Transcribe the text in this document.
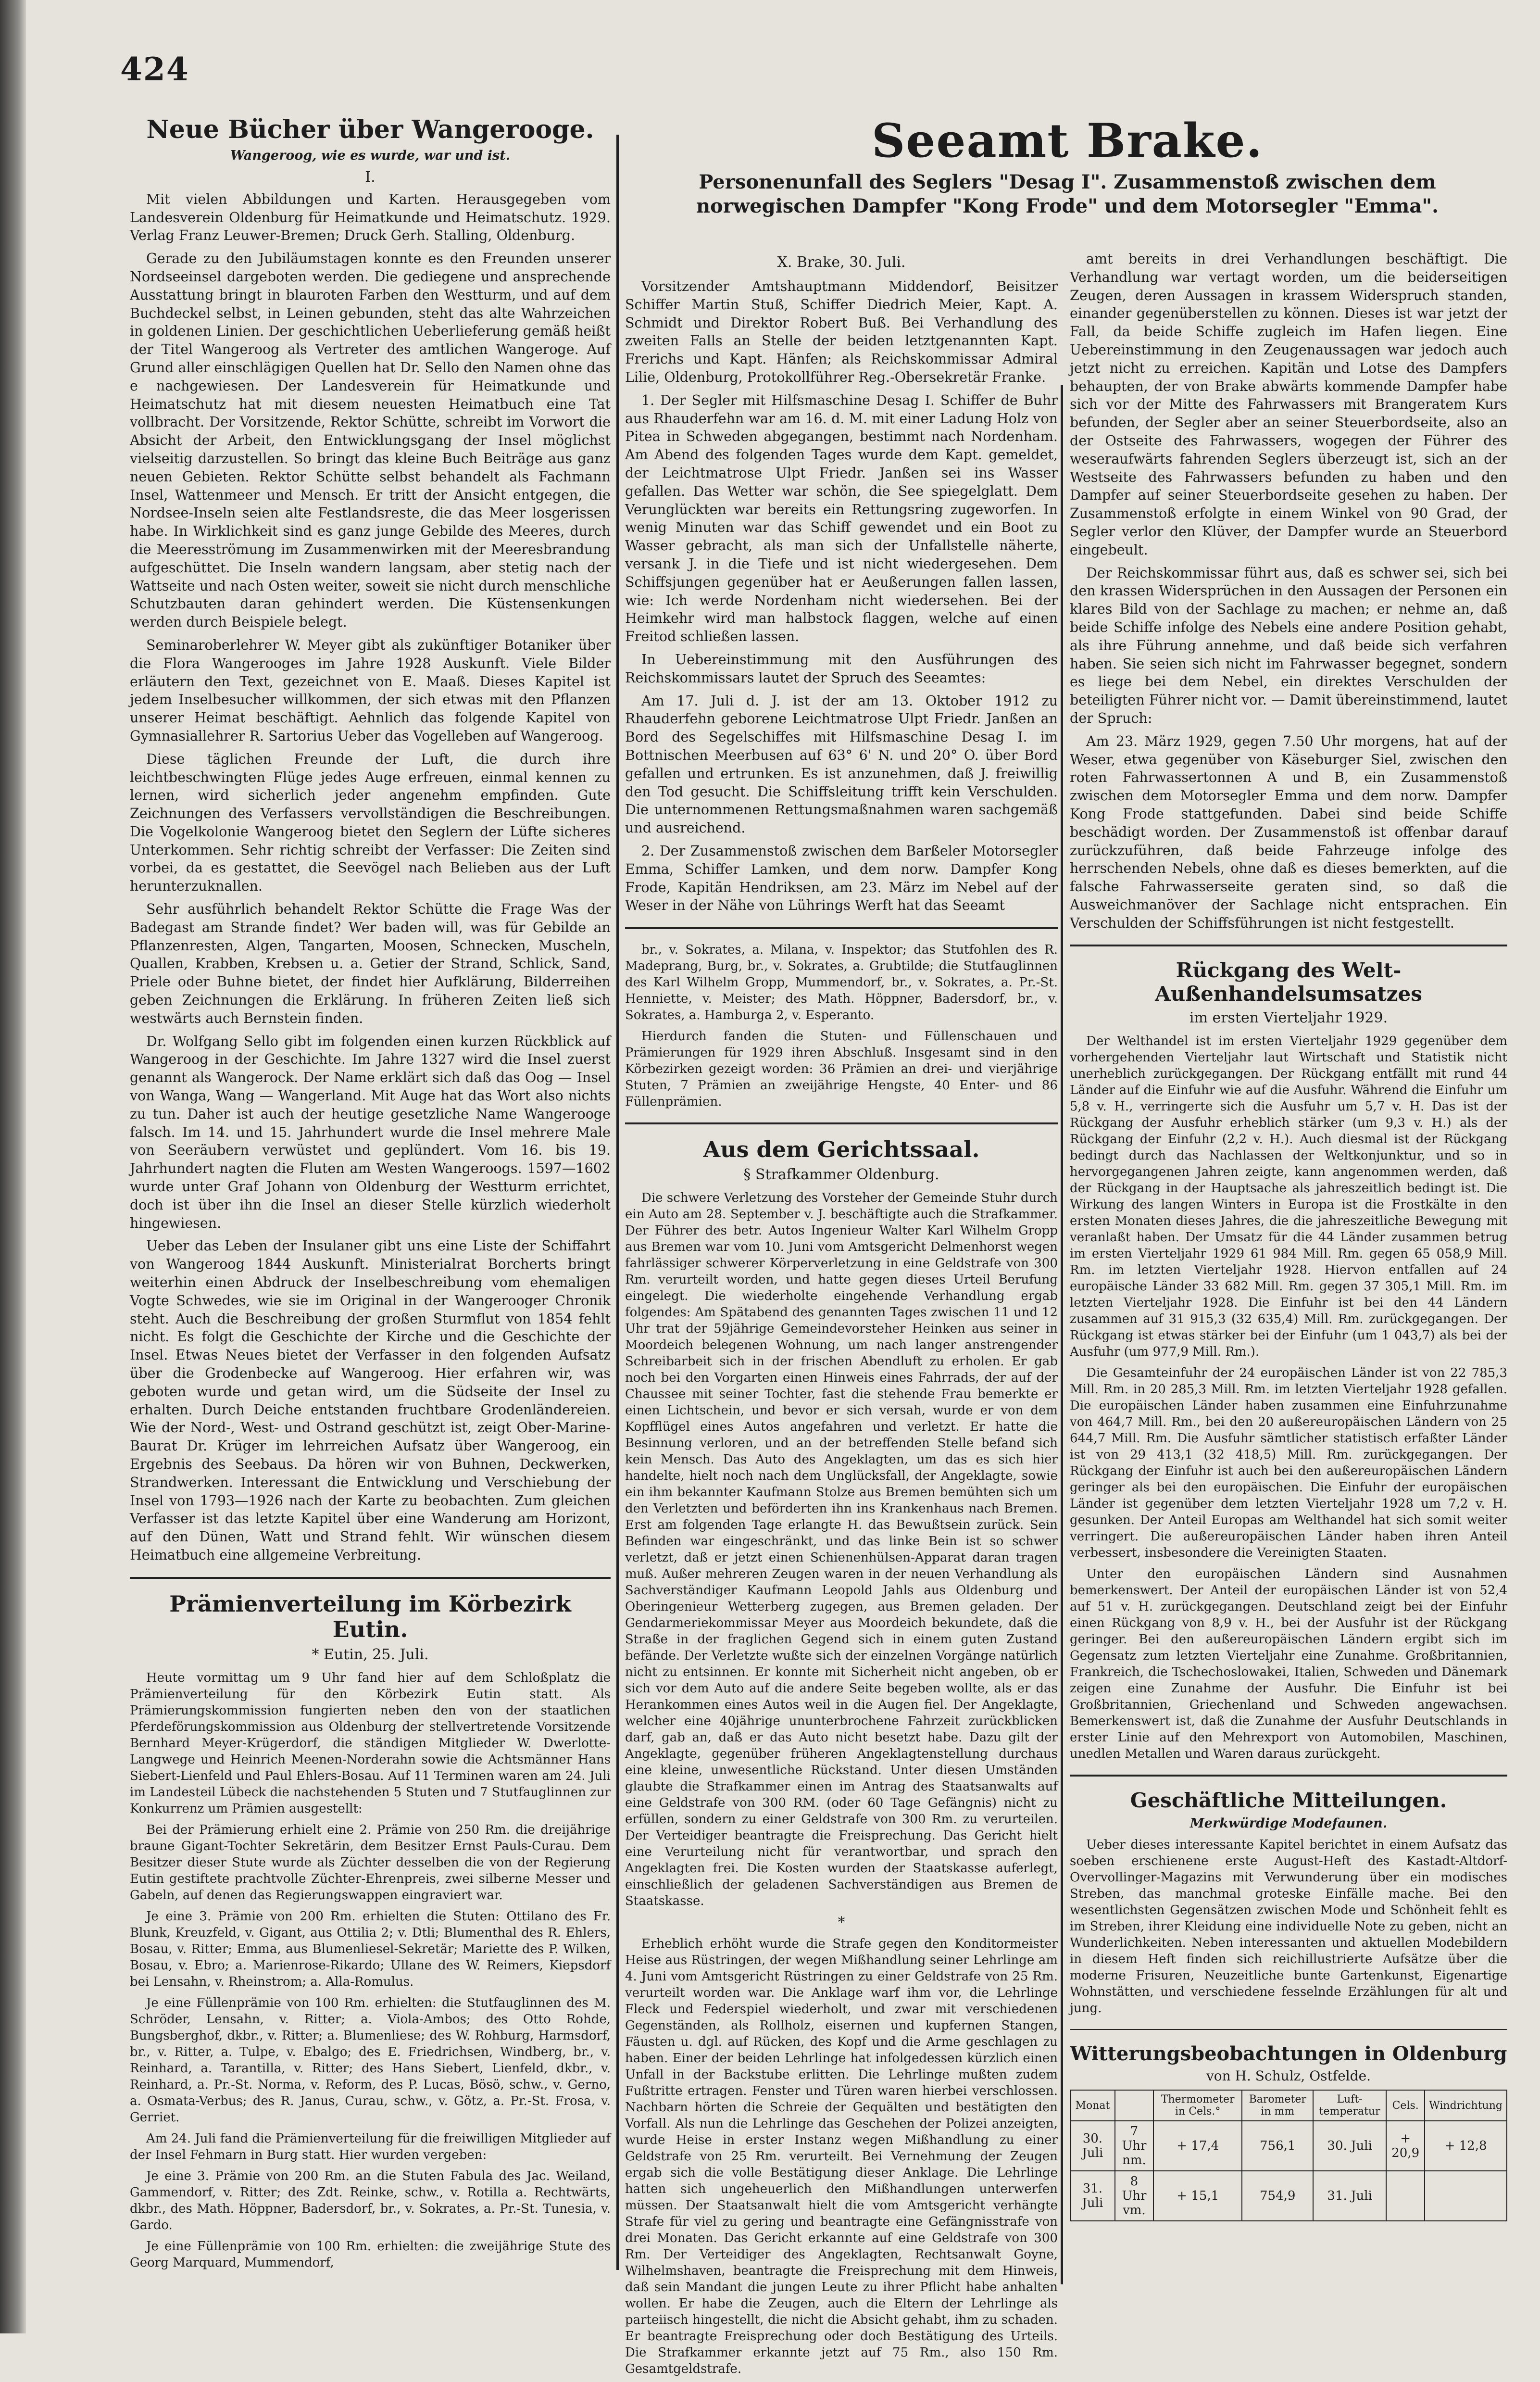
424
Neue Bücher über Wangerooge.
Wangeroog, wie es wurde, war und ist.
I.

Mit vielen Abbildungen und Karten. Herausgegeben vom Landesverein Oldenburg für Heimatkunde und Heimatschutz. 1929. Verlag Franz Leuwer-Bremen; Druck Gerh. Stalling, Oldenburg.

Gerade zu den Jubiläumstagen konnte es den Freunden unserer Nordseeinsel dargeboten werden. Die gediegene und ansprechende Ausstattung bringt in blauroten Farben den Westturm, und auf dem Buchdeckel selbst, in Leinen gebunden, steht das alte Wahrzeichen in goldenen Linien. Der geschichtlichen Ueberlieferung gemäß heißt der Titel Wangeroog als Vertreter des amtlichen Wangeroge. Auf Grund aller einschlägigen Quellen hat Dr. Sello den Namen ohne das e nachgewiesen. Der Landesverein für Heimatkunde und Heimatschutz hat mit diesem neuesten Heimatbuch eine Tat vollbracht. Der Vorsitzende, Rektor Schütte, schreibt im Vorwort die Absicht der Arbeit, den Entwicklungsgang der Insel möglichst vielseitig darzustellen. So bringt das kleine Buch Beiträge aus ganz neuen Gebieten. Rektor Schütte selbst behandelt als Fachmann Insel, Wattenmeer und Mensch. Er tritt der Ansicht entgegen, die Nordsee-Inseln seien alte Festlandsreste, die das Meer losgerissen habe. In Wirklichkeit sind es ganz junge Gebilde des Meeres, durch die Meeresströmung im Zusammenwirken mit der Meeresbrandung aufgeschüttet. Die Inseln wandern langsam, aber stetig nach der Wattseite und nach Osten weiter, soweit sie nicht durch menschliche Schutzbauten daran gehindert werden. Die Küstensenkungen werden durch Beispiele belegt.

Seminaroberlehrer W. Meyer gibt als zukünftiger Botaniker über die Flora Wangerooges im Jahre 1928 Auskunft. Viele Bilder erläutern den Text, gezeichnet von E. Maaß. Dieses Kapitel ist jedem Inselbesucher willkommen, der sich etwas mit den Pflanzen unserer Heimat beschäftigt. Aehnlich das folgende Kapitel von Gymnasiallehrer R. Sartorius Ueber das Vogelleben auf Wangeroog.

Diese täglichen Freunde der Luft, die durch ihre leichtbeschwingten Flüge jedes Auge erfreuen, einmal kennen zu lernen, wird sicherlich jeder angenehm empfinden. Gute Zeichnungen des Verfassers vervollständigen die Beschreibungen. Die Vogelkolonie Wangeroog bietet den Seglern der Lüfte sicheres Unterkommen. Sehr richtig schreibt der Verfasser: Die Zeiten sind vorbei, da es gestattet, die Seevögel nach Belieben aus der Luft herunterzuknallen.

Sehr ausführlich behandelt Rektor Schütte die Frage Was der Badegast am Strande findet? Wer baden will, was für Gebilde an Pflanzenresten, Algen, Tangarten, Moosen, Schnecken, Muscheln, Quallen, Krabben, Krebsen u. a. Getier der Strand, Schlick, Sand, Priele oder Buhne bietet, der findet hier Aufklärung, Bilderreihen geben Zeichnungen die Erklärung. In früheren Zeiten ließ sich westwärts auch Bernstein finden.

Dr. Wolfgang Sello gibt im folgenden einen kurzen Rückblick auf Wangeroog in der Geschichte. Im Jahre 1327 wird die Insel zuerst genannt als Wangerock. Der Name erklärt sich daß das Oog — Insel von Wanga, Wang — Wangerland. Mit Auge hat das Wort also nichts zu tun. Daher ist auch der heutige gesetzliche Name Wangerooge falsch. Im 14. und 15. Jahrhundert wurde die Insel mehrere Male von Seeräubern verwüstet und geplündert. Vom 16. bis 19. Jahrhundert nagten die Fluten am Westen Wangeroogs. 1597—1602 wurde unter Graf Johann von Oldenburg der Westturm errichtet, doch ist über ihn die Insel an dieser Stelle kürzlich wiederholt hingewiesen.

Ueber das Leben der Insulaner gibt uns eine Liste der Schiffahrt von Wangeroog 1844 Auskunft. Ministerialrat Borcherts bringt weiterhin einen Abdruck der Inselbeschreibung vom ehemaligen Vogte Schwedes, wie sie im Original in der Wangerooger Chronik steht. Auch die Beschreibung der großen Sturmflut von 1854 fehlt nicht. Es folgt die Geschichte der Kirche und die Geschichte der Insel. Etwas Neues bietet der Verfasser in den folgenden Aufsatz über die Grodenbecke auf Wangeroog. Hier erfahren wir, was geboten wurde und getan wird, um die Südseite der Insel zu erhalten. Durch Deiche entstanden fruchtbare Grodenländereien. Wie der Nord-, West- und Ostrand geschützt ist, zeigt Ober-Marine-Baurat Dr. Krüger im lehrreichen Aufsatz über Wangeroog, ein Ergebnis des Seebaus. Da hören wir von Buhnen, Deckwerken, Strandwerken. Interessant die Entwicklung und Verschiebung der Insel von 1793—1926 nach der Karte zu beobachten. Zum gleichen Verfasser ist das letzte Kapitel über eine Wanderung am Horizont, auf den Dünen, Watt und Strand fehlt. Wir wünschen diesem Heimatbuch eine allgemeine Verbreitung.

Prämienverteilung im Körbezirk Eutin.
* Eutin, 25. Juli.

Heute vormittag um 9 Uhr fand hier auf dem Schloßplatz die Prämienverteilung für den Körbezirk Eutin statt. Als Prämierungskommission fungierten neben den von der staatlichen Pferdeförungskommission aus Oldenburg der stellvertretende Vorsitzende Bernhard Meyer-Krügerdorf, die ständigen Mitglieder W. Dwerlotte-Langwege und Heinrich Meenen-Norderahn sowie die Achtsmänner Hans Siebert-Lienfeld und Paul Ehlers-Bosau. Auf 11 Terminen waren am 24. Juli im Landesteil Lübeck die nachstehenden 5 Stuten und 7 Stutfauglinnen zur Konkurrenz um Prämien ausgestellt:

Bei der Prämierung erhielt eine 2. Prämie von 250 Rm. die dreijährige braune Gigant-Tochter Sekretärin, dem Besitzer Ernst Pauls-Curau. Dem Besitzer dieser Stute wurde als Züchter desselben die von der Regierung Eutin gestiftete prachtvolle Züchter-Ehrenpreis, zwei silberne Messer und Gabeln, auf denen das Regierungswappen eingraviert war.

Je eine 3. Prämie von 200 Rm. erhielten die Stuten: Ottilano des Fr. Blunk, Kreuzfeld, v. Gigant, aus Ottilia 2; v. Dtli; Blumenthal des R. Ehlers, Bosau, v. Ritter; Emma, aus Blumenliesel-Sekretär; Mariette des P. Wilken, Bosau, v. Ebro; a. Marienrose-Rikardo; Ullane des W. Reimers, Kiepsdorf bei Lensahn, v. Rheinstrom; a. Alla-Romulus.

Je eine Füllenprämie von 100 Rm. erhielten: die Stutfauglinnen des M. Schröder, Lensahn, v. Ritter; a. Viola-Ambos; des Otto Rohde, Bungsberghof, dkbr., v. Ritter; a. Blumenliese; des W. Rohburg, Harmsdorf, br., v. Ritter, a. Tulpe, v. Ebalgo; des E. Friedrichsen, Windberg, br., v. Reinhard, a. Tarantilla, v. Ritter; des Hans Siebert, Lienfeld, dkbr., v. Reinhard, a. Pr.-St. Norma, v. Reform, des P. Lucas, Bösö, schw., v. Gerno, a. Osmata-Verbus; des R. Janus, Curau, schw., v. Götz, a. Pr.-St. Frosa, v. Gerriet.

Am 24. Juli fand die Prämienverteilung für die freiwilligen Mitglieder auf der Insel Fehmarn in Burg statt. Hier wurden vergeben:

Je eine 3. Prämie von 200 Rm. an die Stuten Fabula des Jac. Weiland, Gammendorf, v. Ritter; des Zdt. Reinke, schw., v. Rotilla a. Rechtwärts, dkbr., des Math. Höppner, Badersdorf, br., v. Sokrates, a. Pr.-St. Tunesia, v. Gardo.

Je eine Füllenprämie von 100 Rm. erhielten: die zweijährige Stute des Georg Marquard, Mummendorf,

Seeamt Brake.
Personenunfall des Seglers "Desag I". Zusammenstoß zwischen dem norwegischen Dampfer "Kong Frode" und dem Motorsegler "Emma".
X. Brake, 30. Juli.

Vorsitzender Amtshauptmann Middendorf, Beisitzer Schiffer Martin Stuß, Schiffer Diedrich Meier, Kapt. A. Schmidt und Direktor Robert Buß. Bei Verhandlung des zweiten Falls an Stelle der beiden letztgenannten Kapt. Frerichs und Kapt. Hänfen; als Reichskommissar Admiral Lilie, Oldenburg, Protokollführer Reg.-Obersekretär Franke.

1. Der Segler mit Hilfsmaschine Desag I. Schiffer de Buhr aus Rhauderfehn war am 16. d. M. mit einer Ladung Holz von Pitea in Schweden abgegangen, bestimmt nach Nordenham. Am Abend des folgenden Tages wurde dem Kapt. gemeldet, der Leichtmatrose Ulpt Friedr. Janßen sei ins Wasser gefallen. Das Wetter war schön, die See spiegelglatt. Dem Verunglückten war bereits ein Rettungsring zugeworfen. In wenig Minuten war das Schiff gewendet und ein Boot zu Wasser gebracht, als man sich der Unfallstelle näherte, versank J. in die Tiefe und ist nicht wiedergesehen. Dem Schiffsjungen gegenüber hat er Aeußerungen fallen lassen, wie: Ich werde Nordenham nicht wiedersehen. Bei der Heimkehr wird man halbstock flaggen, welche auf einen Freitod schließen lassen.

In Uebereinstimmung mit den Ausführungen des Reichskommissars lautet der Spruch des Seeamtes:

Am 17. Juli d. J. ist der am 13. Oktober 1912 zu Rhauderfehn geborene Leichtmatrose Ulpt Friedr. Janßen an Bord des Segelschiffes mit Hilfsmaschine Desag I. im Bottnischen Meerbusen auf 63° 6' N. und 20° O. über Bord gefallen und ertrunken. Es ist anzunehmen, daß J. freiwillig den Tod gesucht. Die Schiffsleitung trifft kein Verschulden. Die unternommenen Rettungsmaßnahmen waren sachgemäß und ausreichend.

2. Der Zusammenstoß zwischen dem Barßeler Motorsegler Emma, Schiffer Lamken, und dem norw. Dampfer Kong Frode, Kapitän Hendriksen, am 23. März im Nebel auf der Weser in der Nähe von Lührings Werft hat das Seeamt

br., v. Sokrates, a. Milana, v. Inspektor; das Stutfohlen des R. Madeprang, Burg, br., v. Sokrates, a. Grubtilde; die Stutfauglinnen des Karl Wilhelm Gropp, Mummendorf, br., v. Sokrates, a. Pr.-St. Henniette, v. Meister; des Math. Höppner, Badersdorf, br., v. Sokrates, a. Hamburga 2, v. Esperanto.

Hierdurch fanden die Stuten- und Füllenschauen und Prämierungen für 1929 ihren Abschluß. Insgesamt sind in den Körbezirken gezeigt worden: 36 Prämien an drei- und vierjährige Stuten, 7 Prämien an zweijährige Hengste, 40 Enter- und 86 Füllenprämien.

Aus dem Gerichtssaal.
§ Strafkammer Oldenburg.

Die schwere Verletzung des Vorsteher der Gemeinde Stuhr durch ein Auto am 28. September v. J. beschäftigte auch die Strafkammer. Der Führer des betr. Autos Ingenieur Walter Karl Wilhelm Gropp aus Bremen war vom 10. Juni vom Amtsgericht Delmenhorst wegen fahrlässiger schwerer Körperverletzung in eine Geldstrafe von 300 Rm. verurteilt worden, und hatte gegen dieses Urteil Berufung eingelegt. Die wiederholte eingehende Verhandlung ergab folgendes: Am Spätabend des genannten Tages zwischen 11 und 12 Uhr trat der 59jährige Gemeindevorsteher Heinken aus seiner in Moordeich belegenen Wohnung, um nach langer anstrengender Schreibarbeit sich in der frischen Abendluft zu erholen. Er gab noch bei den Vorgarten einen Hinweis eines Fahrrads, der auf der Chaussee mit seiner Tochter, fast die stehende Frau bemerkte er einen Lichtschein, und bevor er sich versah, wurde er von dem Kopfflügel eines Autos angefahren und verletzt. Er hatte die Besinnung verloren, und an der betreffenden Stelle befand sich kein Mensch. Das Auto des Angeklagten, um das es sich hier handelte, hielt noch nach dem Unglücksfall, der Angeklagte, sowie ein ihm bekannter Kaufmann Stolze aus Bremen bemühten sich um den Verletzten und beförderten ihn ins Krankenhaus nach Bremen. Erst am folgenden Tage erlangte H. das Bewußtsein zurück. Sein Befinden war eingeschränkt, und das linke Bein ist so schwer verletzt, daß er jetzt einen Schienenhülsen-Apparat daran tragen muß. Außer mehreren Zeugen waren in der neuen Verhandlung als Sachverständiger Kaufmann Leopold Jahls aus Oldenburg und Oberingenieur Wetterberg zugegen, aus Bremen geladen. Der Gendarmeriekommissar Meyer aus Moordeich bekundete, daß die Straße in der fraglichen Gegend sich in einem guten Zustand befände. Der Verletzte wußte sich der einzelnen Vorgänge natürlich nicht zu entsinnen. Er konnte mit Sicherheit nicht angeben, ob er sich vor dem Auto auf die andere Seite begeben wollte, als er das Herankommen eines Autos weil in die Augen fiel. Der Angeklagte, welcher eine 40jährige ununterbrochene Fahrzeit zurückblicken darf, gab an, daß er das Auto nicht besetzt habe. Dazu gilt der Angeklagte, gegenüber früheren Angeklagtenstellung durchaus eine kleine, unwesentliche Rückstand. Unter diesen Umständen glaubte die Strafkammer einen im Antrag des Staatsanwalts auf eine Geldstrafe von 300 RM. (oder 60 Tage Gefängnis) nicht zu erfüllen, sondern zu einer Geldstrafe von 300 Rm. zu verurteilen. Der Verteidiger beantragte die Freisprechung. Das Gericht hielt eine Verurteilung nicht für verantwortbar, und sprach den Angeklagten frei. Die Kosten wurden der Staatskasse auferlegt, einschließlich der geladenen Sachverständigen aus Bremen de Staatskasse.

*

Erheblich erhöht wurde die Strafe gegen den Konditormeister Heise aus Rüstringen, der wegen Mißhandlung seiner Lehrlinge am 4. Juni vom Amtsgericht Rüstringen zu einer Geldstrafe von 25 Rm. verurteilt worden war. Die Anklage warf ihm vor, die Lehrlinge Fleck und Federspiel wiederholt, und zwar mit verschiedenen Gegenständen, als Rollholz, eisernen und kupfernen Stangen, Fäusten u. dgl. auf Rücken, des Kopf und die Arme geschlagen zu haben. Einer der beiden Lehrlinge hat infolgedessen kürzlich einen Unfall in der Backstube erlitten. Die Lehrlinge mußten zudem Fußtritte ertragen. Fenster und Türen waren hierbei verschlossen. Nachbarn hörten die Schreie der Gequälten und bestätigten den Vorfall. Als nun die Lehrlinge das Geschehen der Polizei anzeigten, wurde Heise in erster Instanz wegen Mißhandlung zu einer Geldstrafe von 25 Rm. verurteilt. Bei Vernehmung der Zeugen ergab sich die volle Bestätigung dieser Anklage. Die Lehrlinge hatten sich ungeheuerlich den Mißhandlungen unterwerfen müssen. Der Staatsanwalt hielt die vom Amtsgericht verhängte Strafe für viel zu gering und beantragte eine Gefängnisstrafe von drei Monaten. Das Gericht erkannte auf eine Geldstrafe von 300 Rm. Der Verteidiger des Angeklagten, Rechtsanwalt Goyne, Wilhelmshaven, beantragte die Freisprechung mit dem Hinweis, daß sein Mandant die jungen Leute zu ihrer Pflicht habe anhalten wollen. Er habe die Zeugen, auch die Eltern der Lehrlinge als parteiisch hingestellt, die nicht die Absicht gehabt, ihm zu schaden. Er beantragte Freisprechung oder doch Bestätigung des Urteils. Die Strafkammer erkannte jetzt auf 75 Rm., also 150 Rm. Gesamtgeldstrafe.

amt bereits in drei Verhandlungen beschäftigt. Die Verhandlung war vertagt worden, um die beiderseitigen Zeugen, deren Aussagen in krassem Widerspruch standen, einander gegenüberstellen zu können. Dieses ist war jetzt der Fall, da beide Schiffe zugleich im Hafen liegen. Eine Uebereinstimmung in den Zeugenaussagen war jedoch auch jetzt nicht zu erreichen. Kapitän und Lotse des Dampfers behaupten, der von Brake abwärts kommende Dampfer habe sich vor der Mitte des Fahrwassers mit Brangeratem Kurs befunden, der Segler aber an seiner Steuerbordseite, also an der Ostseite des Fahrwassers, wogegen der Führer des weseraufwärts fahrenden Seglers überzeugt ist, sich an der Westseite des Fahrwassers befunden zu haben und den Dampfer auf seiner Steuerbordseite gesehen zu haben. Der Zusammenstoß erfolgte in einem Winkel von 90 Grad, der Segler verlor den Klüver, der Dampfer wurde an Steuerbord eingebeult.

Der Reichskommissar führt aus, daß es schwer sei, sich bei den krassen Widersprüchen in den Aussagen der Personen ein klares Bild von der Sachlage zu machen; er nehme an, daß beide Schiffe infolge des Nebels eine andere Position gehabt, als ihre Führung annehme, und daß beide sich verfahren haben. Sie seien sich nicht im Fahrwasser begegnet, sondern es liege bei dem Nebel, ein direktes Verschulden der beteiligten Führer nicht vor. — Damit übereinstimmend, lautet der Spruch:

Am 23. März 1929, gegen 7.50 Uhr morgens, hat auf der Weser, etwa gegenüber von Käseburger Siel, zwischen den roten Fahrwassertonnen A und B, ein Zusammenstoß zwischen dem Motorsegler Emma und dem norw. Dampfer Kong Frode stattgefunden. Dabei sind beide Schiffe beschädigt worden. Der Zusammenstoß ist offenbar darauf zurückzuführen, daß beide Fahrzeuge infolge des herrschenden Nebels, ohne daß es dieses bemerkten, auf die falsche Fahrwasserseite geraten sind, so daß die Ausweichmanöver der Sachlage nicht entsprachen. Ein Verschulden der Schiffsführungen ist nicht festgestellt.

Rückgang des Welt-Außenhandelsumsatzes
im ersten Vierteljahr 1929.

Der Welthandel ist im ersten Vierteljahr 1929 gegenüber dem vorhergehenden Vierteljahr laut Wirtschaft und Statistik nicht unerheblich zurückgegangen. Der Rückgang entfällt mit rund 44 Länder auf die Einfuhr wie auf die Ausfuhr. Während die Einfuhr um 5,8 v. H., verringerte sich die Ausfuhr um 5,7 v. H. Das ist der Rückgang der Ausfuhr erheblich stärker (um 9,3 v. H.) als der Rückgang der Einfuhr (2,2 v. H.). Auch diesmal ist der Rückgang bedingt durch das Nachlassen der Weltkonjunktur, und so in hervorgegangenen Jahren zeigte, kann angenommen werden, daß der Rückgang in der Hauptsache als jahreszeitlich bedingt ist. Die Wirkung des langen Winters in Europa ist die Frostkälte in den ersten Monaten dieses Jahres, die die jahreszeitliche Bewegung mit veranlaßt haben. Der Umsatz für die 44 Länder zusammen betrug im ersten Vierteljahr 1929 61 984 Mill. Rm. gegen 65 058,9 Mill. Rm. im letzten Vierteljahr 1928. Hiervon entfallen auf 24 europäische Länder 33 682 Mill. Rm. gegen 37 305,1 Mill. Rm. im letzten Vierteljahr 1928. Die Einfuhr ist bei den 44 Ländern zusammen auf 31 915,3 (32 635,4) Mill. Rm. zurückgegangen. Der Rückgang ist etwas stärker bei der Einfuhr (um 1 043,7) als bei der Ausfuhr (um 977,9 Mill. Rm.).

Die Gesamteinfuhr der 24 europäischen Länder ist von 22 785,3 Mill. Rm. in 20 285,3 Mill. Rm. im letzten Vierteljahr 1928 gefallen. Die europäischen Länder haben zusammen eine Einfuhrzunahme von 464,7 Mill. Rm., bei den 20 außereuropäischen Ländern von 25 644,7 Mill. Rm. Die Ausfuhr sämtlicher statistisch erfaßter Länder ist von 29 413,1 (32 418,5) Mill. Rm. zurückgegangen. Der Rückgang der Einfuhr ist auch bei den außereuropäischen Ländern geringer als bei den europäischen. Die Einfuhr der europäischen Länder ist gegenüber dem letzten Vierteljahr 1928 um 7,2 v. H. gesunken. Der Anteil Europas am Welthandel hat sich somit weiter verringert. Die außereuropäischen Länder haben ihren Anteil verbessert, insbesondere die Vereinigten Staaten.

Unter den europäischen Ländern sind Ausnahmen bemerkenswert. Der Anteil der europäischen Länder ist von 52,4 auf 51 v. H. zurückgegangen. Deutschland zeigt bei der Einfuhr einen Rückgang von 8,9 v. H., bei der Ausfuhr ist der Rückgang geringer. Bei den außereuropäischen Ländern ergibt sich im Gegensatz zum letzten Vierteljahr eine Zunahme. Großbritannien, Frankreich, die Tschechoslowakei, Italien, Schweden und Dänemark zeigen eine Zunahme der Ausfuhr. Die Einfuhr ist bei Großbritannien, Griechenland und Schweden angewachsen. Bemerkenswert ist, daß die Zunahme der Ausfuhr Deutschlands in erster Linie auf den Mehrexport von Automobilen, Maschinen, unedlen Metallen und Waren daraus zurückgeht.

Geschäftliche Mitteilungen.
Merkwürdige Modefaunen.

Ueber dieses interessante Kapitel berichtet in einem Aufsatz das soeben erschienene erste August-Heft des Kastadt-Altdorf-Overvollinger-Magazins mit Verwunderung über ein modisches Streben, das manchmal groteske Einfälle mache. Bei den wesentlichsten Gegensätzen zwischen Mode und Schönheit fehlt es im Streben, ihrer Kleidung eine individuelle Note zu geben, nicht an Wunderlichkeiten. Neben interessanten und aktuellen Modebildern in diesem Heft finden sich reichillustrierte Aufsätze über die moderne Frisuren, Neuzeitliche bunte Gartenkunst, Eigenartige Wohnstätten, und verschiedene fesselnde Erzählungen für alt und jung.

Witterungsbeobachtungen in Oldenburg
von H. Schulz, Ostfelde.
Monat		Thermometer in Cels.°	Barometer in mm	Luft-temperatur	Cels.	Windrichtung
30. Juli	7 Uhr nm.	+ 17,4	756,1	30. Juli	+ 20,9	+ 12,8
31. Juli	8 Uhr vm.	+ 15,1	754,9	31. Juli		
